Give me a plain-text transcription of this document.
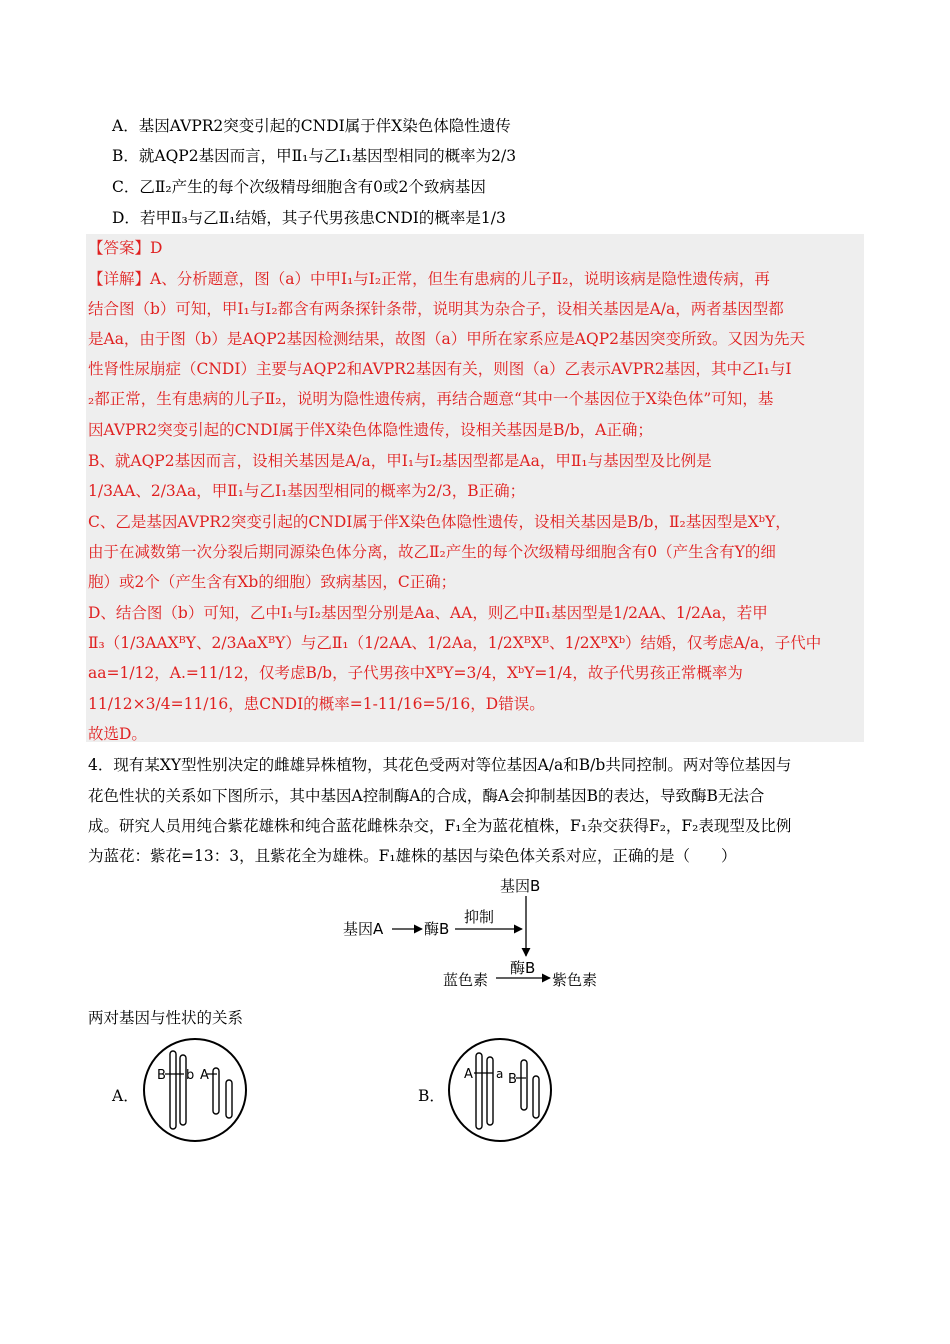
A．基因AVPR2突变引起的CNDI属于伴X染色体隐性遗传
B．就AQP2基因而言，甲Ⅱ₁与乙Ⅰ₁基因型相同的概率为2/3
C．乙Ⅱ₂产生的每个次级精母细胞含有0或2个致病基因
D．若甲Ⅱ₃与乙Ⅱ₁结婚，其子代男孩患CNDI的概率是1/3
【答案】D
【详解】A、分析题意，图（a）中甲Ⅰ₁与Ⅰ₂正常，但生有患病的儿子Ⅱ₂，说明该病是隐性遗传病，再
结合图（b）可知，甲Ⅰ₁与Ⅰ₂都含有两条探针条带，说明其为杂合子，设相关基因是A/a，两者基因型都
是Aa，由于图（b）是AQP2基因检测结果，故图（a）甲所在家系应是AQP2基因突变所致。又因为先天
性肾性尿崩症（CNDI）主要与AQP2和AVPR2基因有关，则图（a）乙表示AVPR2基因，其中乙Ⅰ₁与Ⅰ
₂都正常，生有患病的儿子Ⅱ₂，说明为隐性遗传病，再结合题意“其中一个基因位于X染色体”可知，基
因AVPR2突变引起的CNDI属于伴X染色体隐性遗传，设相关基因是B/b，A正确；
B、就AQP2基因而言，设相关基因是A/a，甲Ⅰ₁与Ⅰ₂基因型都是Aa，甲Ⅱ₁与基因型及比例是
1/3AA、2/3Aa，甲Ⅱ₁与乙Ⅰ₁基因型相同的概率为2/3，B正确；
C、乙是基因AVPR2突变引起的CNDI属于伴X染色体隐性遗传，设相关基因是B/b，Ⅱ₂基因型是XᵇY，
由于在减数第一次分裂后期同源染色体分离，故乙Ⅱ₂产生的每个次级精母细胞含有0（产生含有Y的细
胞）或2个（产生含有Xb的细胞）致病基因，C正确；
D、结合图（b）可知，乙中Ⅰ₁与Ⅰ₂基因型分别是Aa、AA，则乙中Ⅱ₁基因型是1/2AA、1/2Aa，若甲
Ⅱ₃（1/3AAXᴮY、2/3AaXᴮY）与乙Ⅱ₁（1/2AA、1/2Aa，1/2XᴮXᴮ、1/2XᴮXᵇ）结婚，仅考虑A/a，子代中
aa=1/12，A.=11/12，仅考虑B/b，子代男孩中XᴮY=3/4，XᵇY=1/4，故子代男孩正常概率为
11/12×3/4=11/16，患CNDI的概率=1-11/16=5/16，D错误。
故选D。
4．现有某XY型性别决定的雌雄异株植物，其花色受两对等位基因A/a和B/b共同控制。两对等位基因与
花色性状的关系如下图所示，其中基因A控制酶A的合成，酶A会抑制基因B的表达，导致酶B无法合
成。研究人员用纯合紫花雄株和纯合蓝花雌株杂交，F₁全为蓝花植株，F₁杂交获得F₂，F₂表现型及比例
为蓝花：紫花=13：3，且紫花全为雄株。F₁雄株的基因与染色体关系对应，正确的是（　　）
基因B
基因A	酶B
抑制
酶B
蓝色素	紫色素
两对基因与性状的关系
A．
B b A
B．
A a B
